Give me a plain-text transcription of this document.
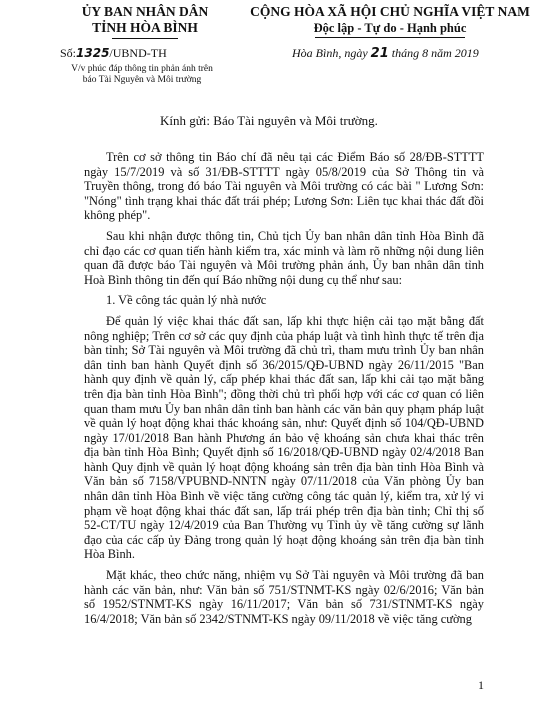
ỦY BAN NHÂN DÂN
TỈNH HÒA BÌNH
CỘNG HÒA XÃ HỘI CHỦ NGHĨA VIỆT NAM
Độc lập - Tự do - Hạnh phúc
Số:1325/UBND-TH	Hòa Bình, ngày 21 tháng 8 năm 2019
V/v phúc đáp thông tin phản ánh trên
báo Tài Nguyên và Môi trường
Kính gửi: Báo Tài nguyên và Môi trường.

Trên cơ sở thông tin Báo chí đã nêu tại các Điểm Báo số 28/ĐB-STTTT ngày 15/7/2019 và số 31/ĐB-STTTT ngày 05/8/2019 của Sở Thông tin và Truyền thông, trong đó báo Tài nguyên và Môi trường có các bài " Lương Sơn: "Nóng" tình trạng khai thác đất trái phép; Lương Sơn: Liên tục khai thác đất đồi không phép".

Sau khi nhận được thông tin, Chủ tịch Ủy ban nhân dân tỉnh Hòa Bình đã chỉ đạo các cơ quan tiến hành kiểm tra, xác minh và làm rõ những nội dung liên quan đã được báo Tài nguyên và Môi trường phản ánh, Ủy ban nhân dân tỉnh Hoà Bình thông tin đến quí Báo những nội dung cụ thể như sau:

1. Về công tác quản lý nhà nước

Để quản lý việc khai thác đất san, lấp khi thực hiện cải tạo mặt bằng đất nông nghiệp; Trên cơ sở các quy định của pháp luật và tình hình thực tế trên địa bàn tỉnh; Sở Tài nguyên và Môi trường đã chủ trì, tham mưu trình Ủy ban nhân dân tỉnh ban hành Quyết định số 36/2015/QĐ-UBND ngày 26/11/2015 "Ban hành quy định về quản lý, cấp phép khai thác đất san, lấp khi cải tạo mặt bằng trên địa bàn tỉnh Hòa Bình"; đồng thời chủ trì phối hợp với các cơ quan có liên quan tham mưu Ủy ban nhân dân tỉnh ban hành các văn bản quy phạm pháp luật về quản lý hoạt động khai thác khoáng sản, như: Quyết định số 104/QĐ-UBND ngày 17/01/2018 Ban hành Phương án bảo vệ khoáng sản chưa khai thác trên địa bàn tỉnh Hòa Bình; Quyết định số 16/2018/QĐ-UBND ngày 02/4/2018 Ban hành Quy định về quản lý hoạt động khoáng sản trên địa bàn tỉnh Hòa Bình và Văn bản số 7158/VPUBND-NNTN ngày 07/11/2018 của Văn phòng Ủy ban nhân dân tỉnh Hòa Bình về việc tăng cường công tác quản lý, kiểm tra, xử lý vi phạm về hoạt động khai thác đất san, lấp trái phép trên địa bàn tỉnh; Chỉ thị số 52-CT/TU ngày 12/4/2019 của Ban Thường vụ Tỉnh ủy về tăng cường sự lãnh đạo của các cấp ủy Đảng trong quản lý hoạt động khoáng sản trên địa bàn tỉnh Hòa Bình.

Mặt khác, theo chức năng, nhiệm vụ Sở Tài nguyên và Môi trường đã ban hành các văn bản, như: Văn bản số 751/STNMT-KS ngày 02/6/2016; Văn bản số 1952/STNMT-KS ngày 16/11/2017; Văn bản số 731/STNMT-KS ngày 16/4/2018; Văn bản số 2342/STNMT-KS ngày 09/11/2018 về việc tăng cường

1
